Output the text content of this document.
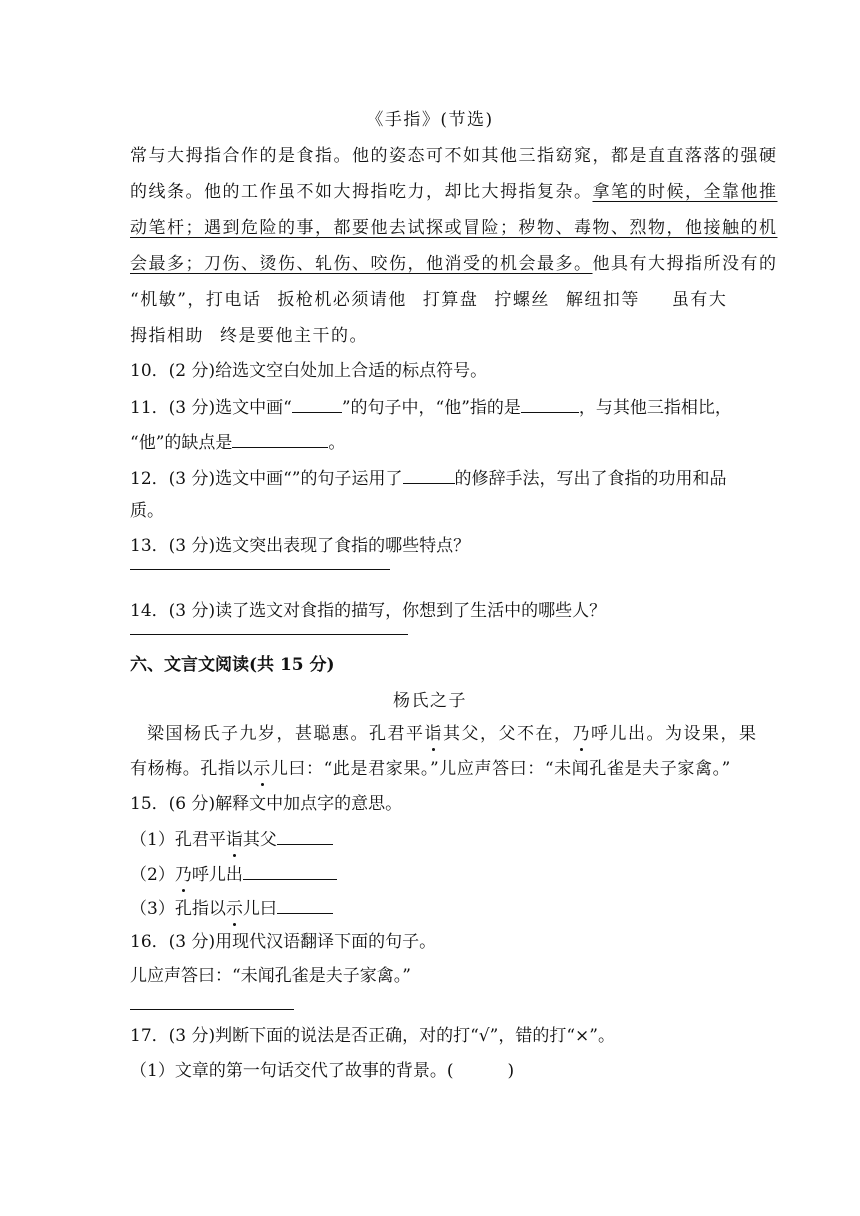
《手指》(节选)
常与大拇指合作的是食指。他的姿态可不如其他三指窈窕，都是直直落落的强硬
的线条。他的工作虽不如大拇指吃力，却比大拇指复杂。拿笔的时候，全靠他推
动笔杆；遇到危险的事，都要他去试探或冒险；秽物、毒物、烈物，他接触的机
会最多；刀伤、烫伤、轧伤、咬伤，他消受的机会最多。他具有大拇指所没有的
“机敏”，打电话 扳枪机必须请他 打算盘 拧螺丝 解纽扣等 虽有大
拇指相助 终是要他主干的。
10．(2 分)给选文空白处加上合适的标点符号。
11．(3 分)选文中画“	”的句子中，“他”指的是	，与其他三指相比，
“他”的缺点是	。
12．(3 分)选文中画“”的句子运用了	的修辞手法，写出了食指的功用和品
质。
13．(3 分)选文突出表现了食指的哪些特点？
14．(3 分)读了选文对食指的描写，你想到了生活中的哪些人？
六、文言文阅读(共 15 分)
杨氏之子
梁国杨氏子九岁，甚聪惠。孔君平诣其父，父不在，乃呼儿出。为设果，果
有杨梅。孔指以示儿曰：“此是君家果。”儿应声答曰：“未闻孔雀是夫子家禽。”
15．(6 分)解释文中加点字的意思。
（1）孔君平诣其父
（2）乃呼儿出
（3）孔指以示儿曰
16．(3 分)用现代汉语翻译下面的句子。
儿应声答曰：“未闻孔雀是夫子家禽。”
17．(3 分)判断下面的说法是否正确，对的打“√”，错的打“×”。
（1）文章的第一句话交代了故事的背景。(	)
